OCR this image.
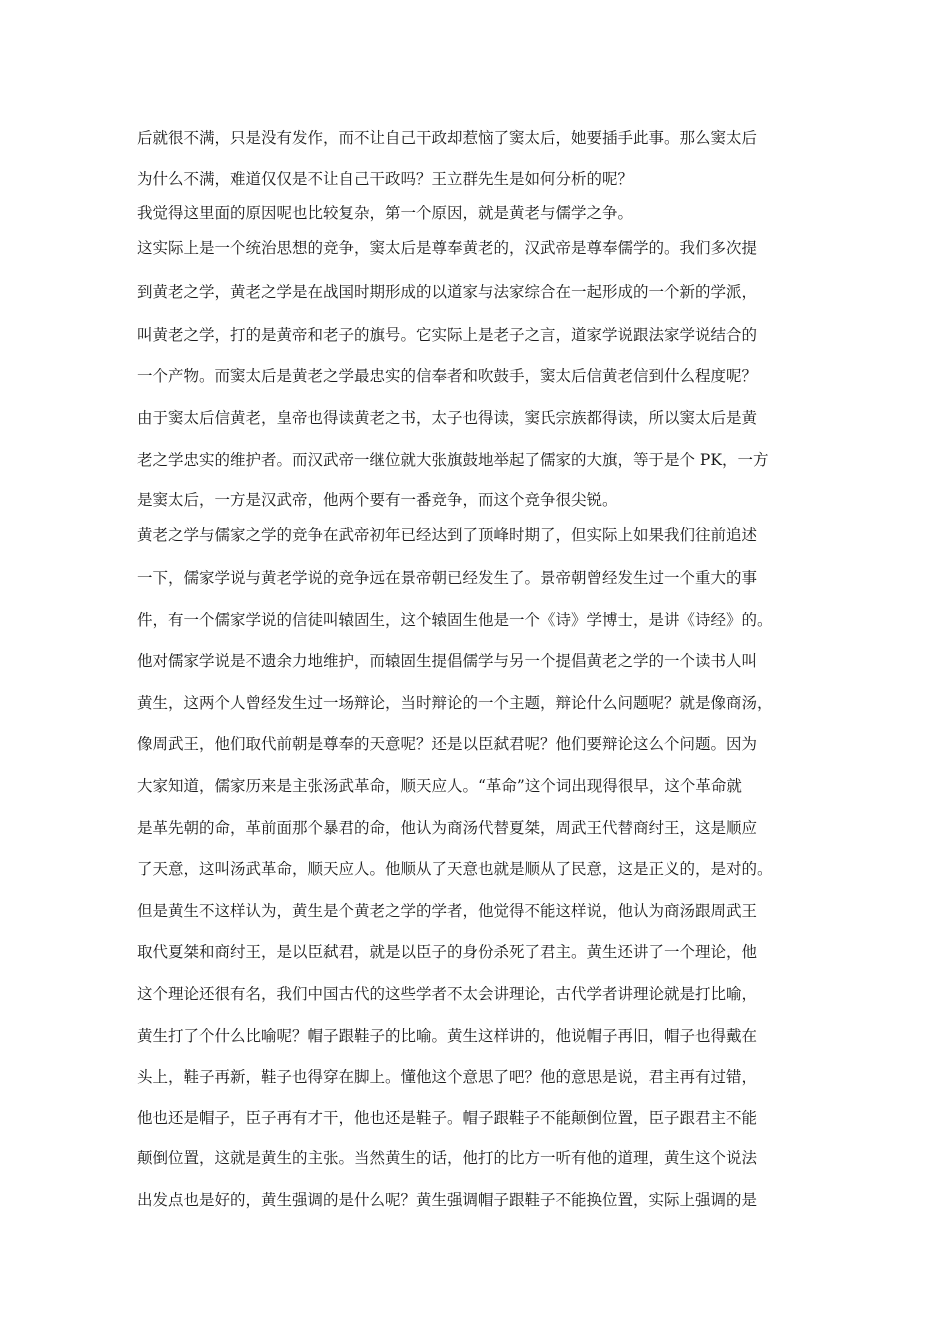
后就很不满，只是没有发作，而不让自己干政却惹恼了窦太后，她要插手此事。那么窦太后

为什么不满，难道仅仅是不让自己干政吗？王立群先生是如何分析的呢？

我觉得这里面的原因呢也比较复杂，第一个原因，就是黄老与儒学之争。

这实际上是一个统治思想的竞争，窦太后是尊奉黄老的，汉武帝是尊奉儒学的。我们多次提

到黄老之学，黄老之学是在战国时期形成的以道家与法家综合在一起形成的一个新的学派，

叫黄老之学，打的是黄帝和老子的旗号。它实际上是老子之言，道家学说跟法家学说结合的

一个产物。而窦太后是黄老之学最忠实的信奉者和吹鼓手，窦太后信黄老信到什么程度呢？

由于窦太后信黄老，皇帝也得读黄老之书，太子也得读，窦氏宗族都得读，所以窦太后是黄

老之学忠实的维护者。而汉武帝一继位就大张旗鼓地举起了儒家的大旗，等于是个 PK，一方

是窦太后，一方是汉武帝，他两个要有一番竞争，而这个竞争很尖锐。

黄老之学与儒家之学的竞争在武帝初年已经达到了顶峰时期了，但实际上如果我们往前追述

一下，儒家学说与黄老学说的竞争远在景帝朝已经发生了。景帝朝曾经发生过一个重大的事

件，有一个儒家学说的信徒叫辕固生，这个辕固生他是一个《诗》学博士，是讲《诗经》的。

他对儒家学说是不遗余力地维护，而辕固生提倡儒学与另一个提倡黄老之学的一个读书人叫

黄生，这两个人曾经发生过一场辩论，当时辩论的一个主题，辩论什么问题呢？就是像商汤，

像周武王，他们取代前朝是尊奉的天意呢？还是以臣弑君呢？他们要辩论这么个问题。因为

大家知道，儒家历来是主张汤武革命，顺天应人。“革命”这个词出现得很早，这个革命就

是革先朝的命，革前面那个暴君的命，他认为商汤代替夏桀，周武王代替商纣王，这是顺应

了天意，这叫汤武革命，顺天应人。他顺从了天意也就是顺从了民意，这是正义的，是对的。

但是黄生不这样认为，黄生是个黄老之学的学者，他觉得不能这样说，他认为商汤跟周武王

取代夏桀和商纣王，是以臣弑君，就是以臣子的身份杀死了君主。黄生还讲了一个理论，他

这个理论还很有名，我们中国古代的这些学者不太会讲理论，古代学者讲理论就是打比喻，

黄生打了个什么比喻呢？帽子跟鞋子的比喻。黄生这样讲的，他说帽子再旧，帽子也得戴在

头上，鞋子再新，鞋子也得穿在脚上。懂他这个意思了吧？他的意思是说，君主再有过错，

他也还是帽子，臣子再有才干，他也还是鞋子。帽子跟鞋子不能颠倒位置，臣子跟君主不能

颠倒位置，这就是黄生的主张。当然黄生的话，他打的比方一听有他的道理，黄生这个说法

出发点也是好的，黄生强调的是什么呢？黄生强调帽子跟鞋子不能换位置，实际上强调的是
